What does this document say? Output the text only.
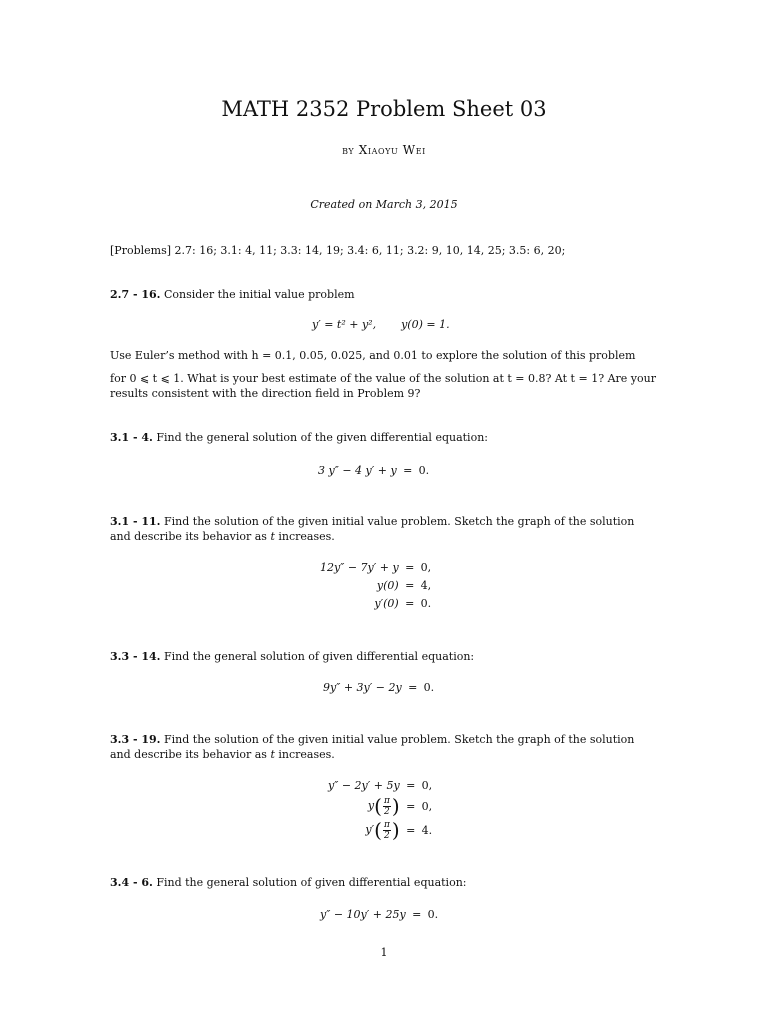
MATH 2352 Problem Sheet 03
by Xiaoyu Wei
Created on March 3, 2015
[Problems] 2.7: 16; 3.1: 4, 11; 3.3: 14, 19; 3.4: 6, 11; 3.2: 9, 10, 14, 25; 3.5: 6, 20;

2.7 - 16. Consider the initial value problem

y′ = t² + y², y(0) = 1.

Use Euler’s method with h = 0.1, 0.05, 0.025, and 0.01 to explore the solution of this problem

for 0 ⩽ t ⩽ 1. What is your best estimate of the value of the solution at t = 0.8? At t = 1? Are your

results consistent with the direction field in Problem 9?

3.1 - 4. Find the general solution of the given differential equation:

3 y″ − 4 y′ + y	=	0.

3.1 - 11. Find the solution of the given initial value problem. Sketch the graph of the solution

and describe its behavior as t increases.

12y″ − 7y′ + y	=	0,
y(0)	=	4,
y′(0)	=	0.

3.3 - 14. Find the general solution of given differential equation:

9y″ + 3y′ − 2y	=	0.

3.3 - 19. Find the solution of the given initial value problem. Sketch the graph of the solution

and describe its behavior as t increases.

y″ − 2y′ + 5y	=	0,
$y( \frac{\pi}{2}$ )	=	0,
$y'( \frac{\pi}{2}$ )	=	4.

3.4 - 6. Find the general solution of given differential equation:

y″ − 10y′ + 25y	=	0.
1
